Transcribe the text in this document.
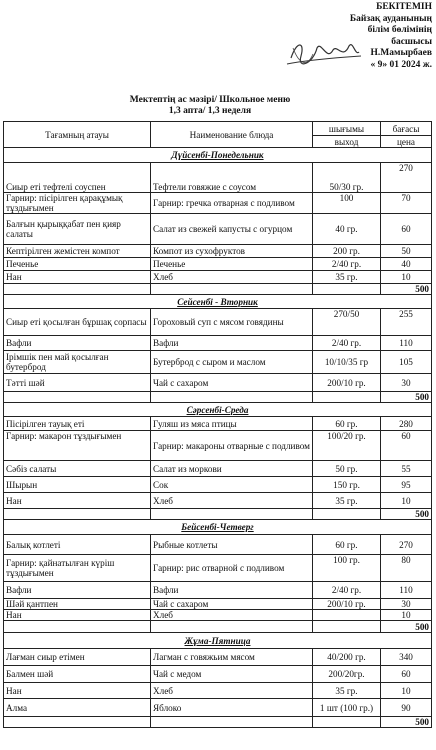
БЕКІТЕМІН
Байзақ ауданының
білім бөлімінің
басшысы
Н.Мамырбаев
« 9» 01 2024 ж.
Мектептің ас мәзірі/ Школьное меню
1,3 апта/ 1,3 неделя
Тағамның атауы	Наименование блюда	шығымы	бағасы
		выход	цена
Дүйсенбі-Понедельник			
Сиыр еті тефтелі соуспен	Тефтели говяжие с соусом	50/30 гр.	270
Гарнир: пісірілген қарақұмық тұздығымен	Гарнир: гречка отварная с подливом	100	70
Балғын қырыққабат пен қияр салаты	Салат из свежей капусты с огурцом	40 гр.	60
Кептірілген жемістен компот	Компот из сухофруктов	200 гр.	50
Печенье	Печенье	2/40 гр.	40
Нан	Хлеб	35 гр.	10
			500
Сейсенбі - Вторник			
Сиыр еті қосылған бұршақ сорпасы	Гороховый суп с мясом говядины	270/50	255
Вафли	Вафли	2/40 гр.	110
Ірімшік пен май қосылған бутерброд	Бутерброд с сыром и маслом	10/10/35 гр	105
Тәтті шәй	Чай с сахаром	200/10 гр.	30
			500
Сәрсенбі-Среда			
Пісірілген тауық еті	Гуляш из мяса птицы	60 гр.	280
Гарнир: макарон тұздығымен	Гарнир: макароны отварные с подливом	100/20 гр.	60
Сәбіз салаты	Салат из моркови	50 гр.	55
Шырын	Сок	150 гр.	95
Нан	Хлеб	35 гр.	10
			500
Бейсенбі-Четверг			
Балық котлеті	Рыбные котлеты	60 гр.	270
Гарнир: қайнатылған күріш тұздығымен	Гарнир: рис отварной с подливом	100 гр.	80
Вафли	Вафли	2/40 гр.	110
Шәй қантпен	Чай с сахаром	200/10 гр.	30
Нан	Хлеб		10
			500
Жұма-Пятница			
Лағман сиыр етімен	Лагман с говяжьим мясом	40/200 гр.	340
Балмен шәй	Чай с медом	200/20гр.	60
Нан	Хлеб	35 гр.	10
Алма	Яблоко	1 шт (100 гр.)	90
			500
